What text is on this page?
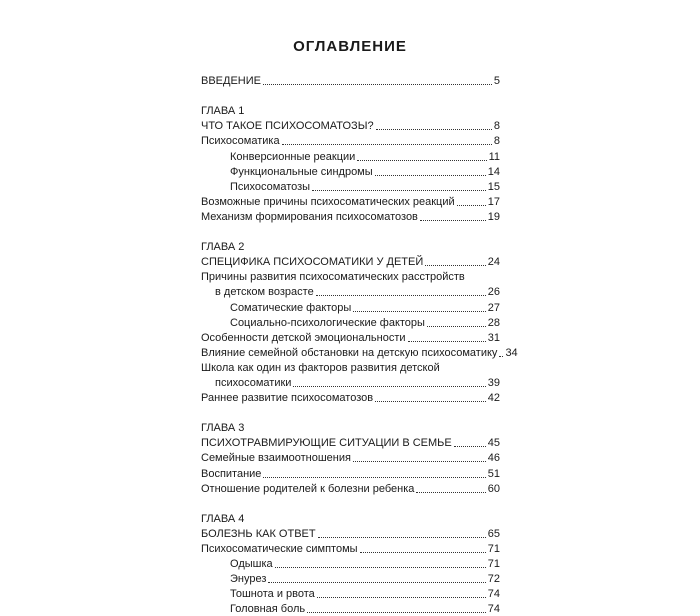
ОГЛАВЛЕНИЕ
ВВЕДЕНИЕ	5
ГЛАВА 1
ЧТО ТАКОЕ ПСИХОСОМАТОЗЫ?	8
Психосоматика	8
Конверсионные реакции	11
Функциональные синдромы	14
Психосоматозы	15
Возможные причины психосоматических реакций	17
Механизм формирования психосоматозов	19
ГЛАВА 2
СПЕЦИФИКА ПСИХОСОМАТИКИ У ДЕТЕЙ	24
Причины развития психосоматических расстройств
в детском возрасте	26
Соматические факторы	27
Социально-психологические факторы	28
Особенности детской эмоциональности	31
Влияние семейной обстановки на детскую психосоматику 34
Школа как один из факторов развития детской
психосоматики	39
Раннее развитие психосоматозов	42
ГЛАВА 3
ПСИХОТРАВМИРУЮЩИЕ СИТУАЦИИ В СЕМЬЕ	45
Семейные взаимоотношения	46
Воспитание	51
Отношение родителей к болезни ребенка	60
ГЛАВА 4
БОЛЕЗНЬ КАК ОТВЕТ	65
Психосоматические симптомы	71
Одышка	71
Энурез	72
Тошнота и рвота	74
Головная боль	74
